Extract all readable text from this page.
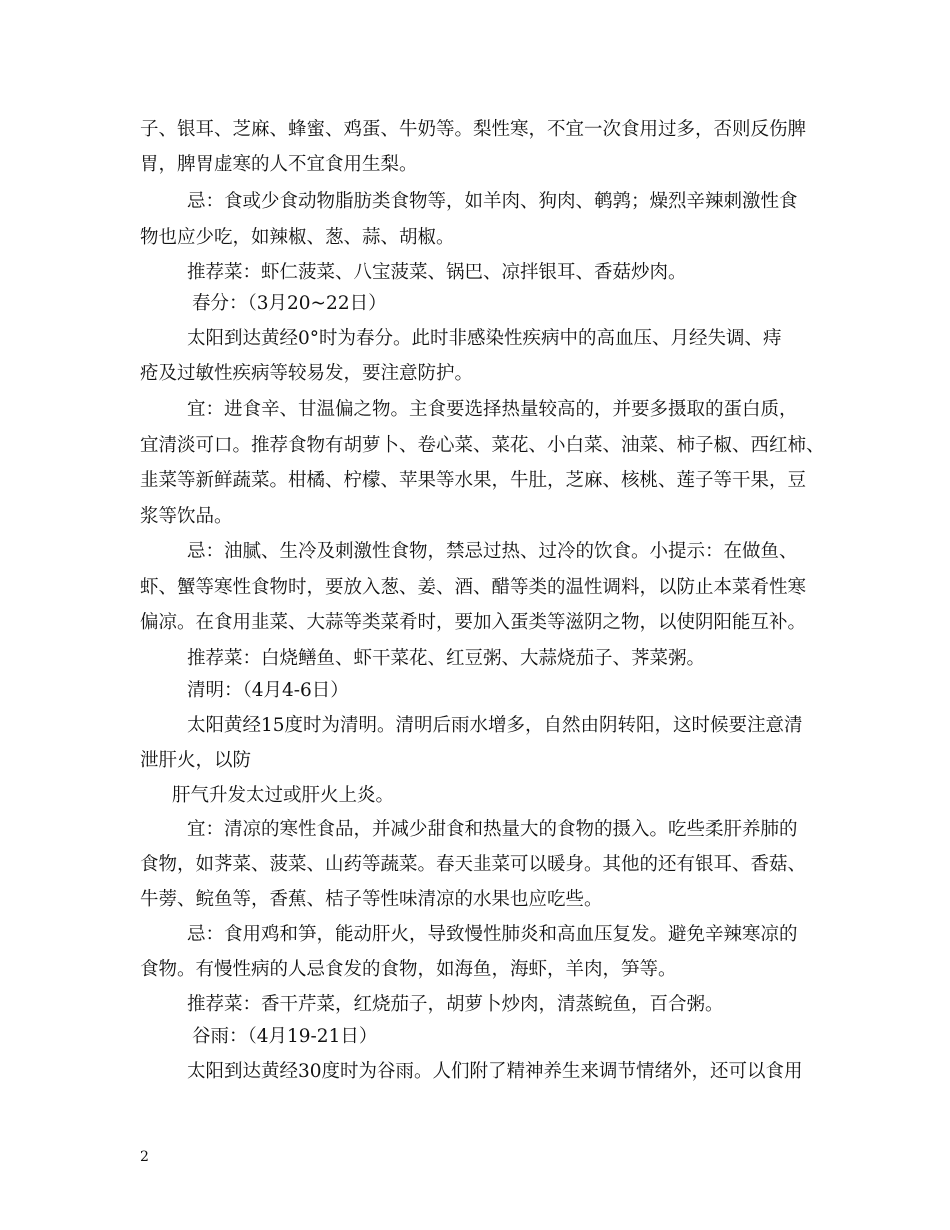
子、银耳、芝麻、蜂蜜、鸡蛋、牛奶等。梨性寒，不宜一次食用过多，否则反伤脾
胃，脾胃虚寒的人不宜食用生梨。
忌：食或少食动物脂肪类食物等，如羊肉、狗肉、鹌鹑；燥烈辛辣刺激性食
物也应少吃，如辣椒、葱、蒜、胡椒。
推荐菜：虾仁菠菜、八宝菠菜、锅巴、凉拌银耳、香菇炒肉。
春分：（3月20~22日）
太阳到达黄经0°时为春分。此时非感染性疾病中的高血压、月经失调、痔
疮及过敏性疾病等较易发，要注意防护。
宜：进食辛、甘温偏之物。主食要选择热量较高的，并要多摄取的蛋白质，
宜清淡可口。推荐食物有胡萝卜、卷心菜、菜花、小白菜、油菜、柿子椒、西红柿、
韭菜等新鲜蔬菜。柑橘、柠檬、苹果等水果，牛肚，芝麻、核桃、莲子等干果，豆
浆等饮品。
忌：油腻、生冷及刺激性食物，禁忌过热、过冷的饮食。小提示：在做鱼、
虾、蟹等寒性食物时，要放入葱、姜、酒、醋等类的温性调料，以防止本菜肴性寒
偏凉。在食用韭菜、大蒜等类菜肴时，要加入蛋类等滋阴之物，以使阴阳能互补。
推荐菜：白烧鳝鱼、虾干菜花、红豆粥、大蒜烧茄子、荠菜粥。
清明：（4月4-6日）
太阳黄经15度时为清明。清明后雨水增多，自然由阴转阳，这时候要注意清
泄肝火，以防
肝气升发太过或肝火上炎。
宜：清凉的寒性食品，并减少甜食和热量大的食物的摄入。吃些柔肝养肺的
食物，如荠菜、菠菜、山药等蔬菜。春天韭菜可以暖身。其他的还有银耳、香菇、
牛蒡、鲩鱼等，香蕉、桔子等性味清凉的水果也应吃些。
忌：食用鸡和笋，能动肝火，导致慢性肺炎和高血压复发。避免辛辣寒凉的
食物。有慢性病的人忌食发的食物，如海鱼，海虾，羊肉，笋等。
推荐菜：香干芹菜，红烧茄子，胡萝卜炒肉，清蒸鲩鱼，百合粥。
谷雨：（4月19-21日）
太阳到达黄经30度时为谷雨。人们附了精神养生来调节情绪外，还可以食用
2
